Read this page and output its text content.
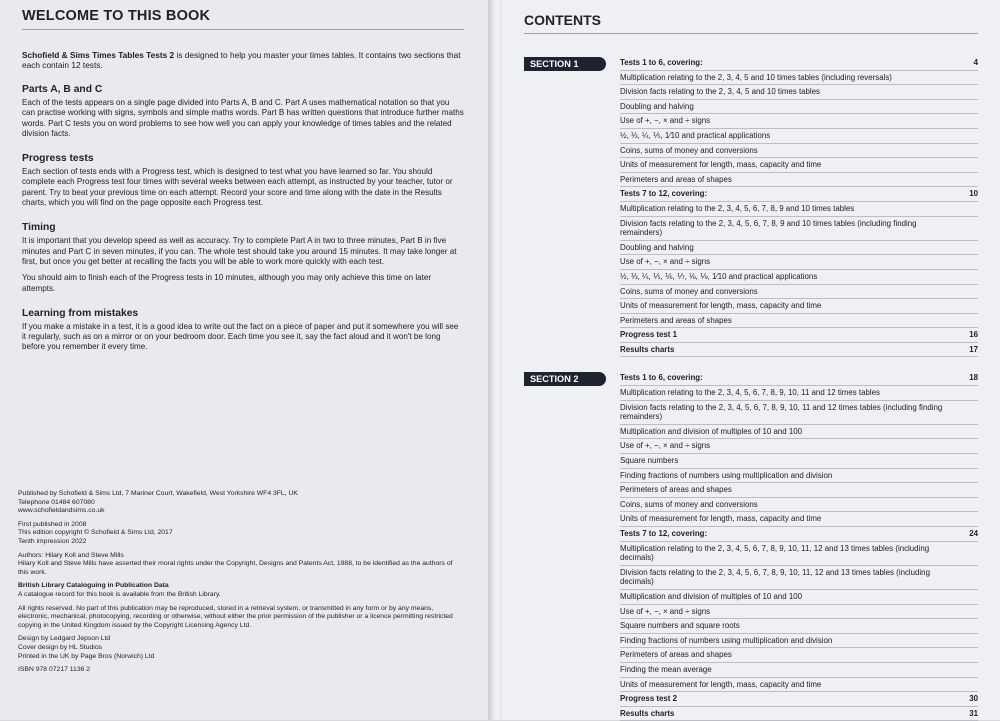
WELCOME TO THIS BOOK
Schofield & Sims Times Tables Tests 2 is designed to help you master your times tables. It contains two sections that each contain 12 tests.
Parts A, B and C

Each of the tests appears on a single page divided into Parts A, B and C. Part A uses mathematical notation so that you can practise working with signs, symbols and simple maths words. Part B has written questions that introduce further maths words. Part C tests you on word problems to see how well you can apply your knowledge of times tables and the related division facts.

Progress tests

Each section of tests ends with a Progress test, which is designed to test what you have learned so far. You should complete each Progress test four times with several weeks between each attempt, as instructed by your teacher, tutor or parent. Try to beat your previous time on each attempt. Record your score and time along with the date in the Results charts, which you will find on the page opposite each Progress test.

Timing

It is important that you develop speed as well as accuracy. Try to complete Part A in two to three minutes, Part B in five minutes and Part C in seven minutes, if you can. The whole test should take you around 15 minutes. It may take longer at first, but once you get better at recalling the facts you will be able to work more quickly with each test.

You should aim to finish each of the Progress tests in 10 minutes, although you may only achieve this time on later attempts.

Learning from mistakes

If you make a mistake in a test, it is a good idea to write out the fact on a piece of paper and put it somewhere you will see it regularly, such as on a mirror or on your bedroom door. Each time you see it, say the fact aloud and it won't be long before you remember it every time.

Published by Schofield & Sims Ltd, 7 Mariner Court, Wakefield, West Yorkshire WF4 3FL, UK
Telephone 01484 607080
www.schofieldandsims.co.uk
First published in 2008
This edition copyright © Schofield & Sims Ltd, 2017
Tenth impression 2022
Authors: Hilary Koll and Steve Mills
Hilary Koll and Steve Mills have asserted their moral rights under the Copyright, Designs and Patents Act, 1988, to be identified as the authors of this work.
British Library Cataloguing in Publication Data
A catalogue record for this book is available from the British Library.
All rights reserved. No part of this publication may be reproduced, stored in a retrieval system, or transmitted in any form or by any means, electronic, mechanical, photocopying, recording or otherwise, without either the prior permission of the publisher or a licence permitting restricted copying in the United Kingdom issued by the Copyright Licensing Agency Ltd.
Design by Ledgard Jepson Ltd
Cover design by HL Studios
Printed in the UK by Page Bros (Norwich) Ltd
ISBN 978 07217 1136 2
CONTENTS
SECTION 1	Tests 1 to 6, covering:	4
Multiplication relating to the 2, 3, 4, 5 and 10 times tables (including reversals)
Division facts relating to the 2, 3, 4, 5 and 10 times tables
Doubling and halving
Use of +, −, × and ÷ signs
½, ⅓, ¼, ⅕, 1⁄10 and practical applications
Coins, sums of money and conversions
Units of measurement for length, mass, capacity and time
Perimeters and areas of shapes
Tests 7 to 12, covering:	10
Multiplication relating to the 2, 3, 4, 5, 6, 7, 8, 9 and 10 times tables
Division facts relating to the 2, 3, 4, 5, 6, 7, 8, 9 and 10 times tables (including finding remainders)
Doubling and halving
Use of +, −, × and ÷ signs
½, ⅓, ¼, ⅕, ⅙, ⅐, ⅛, ⅑, 1⁄10 and practical applications
Coins, sums of money and conversions
Units of measurement for length, mass, capacity and time
Perimeters and areas of shapes
Progress test 1	16
Results charts	17
SECTION 2	Tests 1 to 6, covering:	18
Multiplication relating to the 2, 3, 4, 5, 6, 7, 8, 9, 10, 11 and 12 times tables
Division facts relating to the 2, 3, 4, 5, 6, 7, 8, 9, 10, 11 and 12 times tables (including finding remainders)
Multiplication and division of multiples of 10 and 100
Use of +, −, × and ÷ signs
Square numbers
Finding fractions of numbers using multiplication and division
Perimeters of areas and shapes
Coins, sums of money and conversions
Units of measurement for length, mass, capacity and time
Tests 7 to 12, covering:	24
Multiplication relating to the 2, 3, 4, 5, 6, 7, 8, 9, 10, 11, 12 and 13 times tables (including decimals)
Division facts relating to the 2, 3, 4, 5, 6, 7, 8, 9, 10, 11, 12 and 13 times tables (including decimals)
Multiplication and division of multiples of 10 and 100
Use of +, −, × and ÷ signs
Square numbers and square roots
Finding fractions of numbers using multiplication and division
Perimeters of areas and shapes
Finding the mean average
Units of measurement for length, mass, capacity and time
Progress test 2	30
Results charts	31
